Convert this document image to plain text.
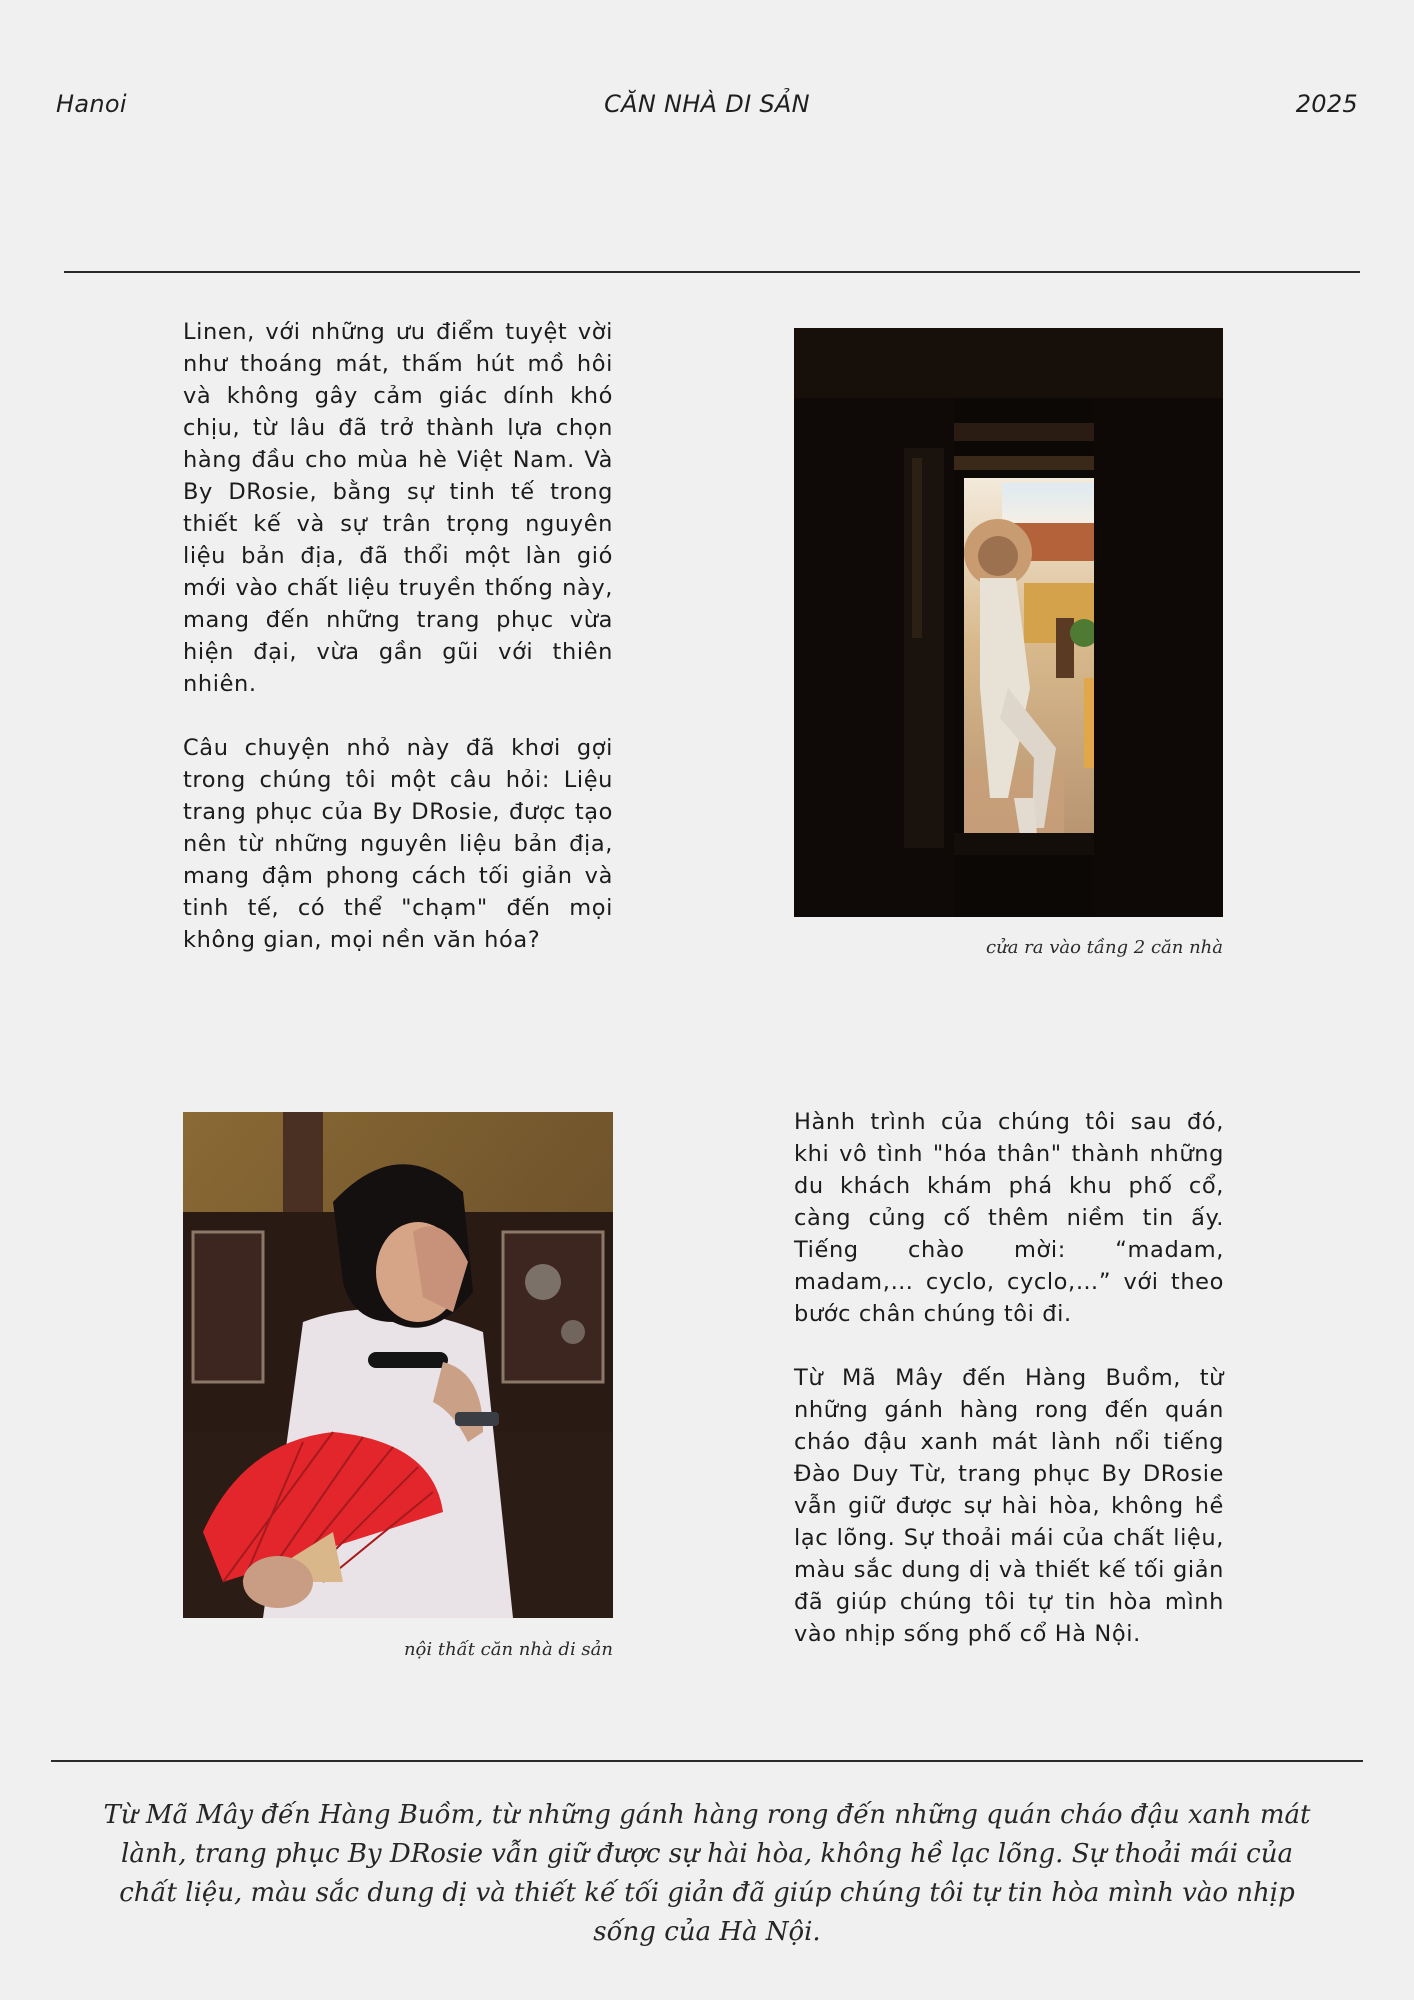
Hanoi	CĂN NHÀ DI SẢN	2025

Linen, với những ưu điểm tuyệt vời như thoáng mát, thấm hút mồ hôi và không gây cảm giác dính khó chịu, từ lâu đã trở thành lựa chọn hàng đầu cho mùa hè Việt Nam. Và By DRosie, bằng sự tinh tế trong thiết kế và sự trân trọng nguyên liệu bản địa, đã thổi một làn gió mới vào chất liệu truyền thống này, mang đến những trang phục vừa hiện đại, vừa gần gũi với thiên nhiên.

Câu chuyện nhỏ này đã khơi gợi trong chúng tôi một câu hỏi: Liệu trang phục của By DRosie, được tạo nên từ những nguyên liệu bản địa, mang đậm phong cách tối giản và tinh tế, có thể "chạm" đến mọi không gian, mọi nền văn hóa?	cửa ra vào tầng 2 căn nhà
nội thất căn nhà di sản

Hành trình của chúng tôi sau đó, khi vô tình "hóa thân" thành những du khách khám phá khu phố cổ, càng củng cố thêm niềm tin ấy. Tiếng chào mời: “madam, madam,… cyclo, cyclo,…” với theo bước chân chúng tôi đi.

Từ Mã Mây đến Hàng Buồm, từ những gánh hàng rong đến quán cháo đậu xanh mát lành nổi tiếng Đào Duy Từ, trang phục By DRosie vẫn giữ được sự hài hòa, không hề lạc lõng. Sự thoải mái của chất liệu, màu sắc dung dị và thiết kế tối giản đã giúp chúng tôi tự tin hòa mình vào nhịp sống phố cổ Hà Nội.

Từ Mã Mây đến Hàng Buồm, từ những gánh hàng rong đến những quán cháo đậu xanh mát lành, trang phục By DRosie vẫn giữ được sự hài hòa, không hề lạc lõng. Sự thoải mái của chất liệu, màu sắc dung dị và thiết kế tối giản đã giúp chúng tôi tự tin hòa mình vào nhịp sống của Hà Nội.
